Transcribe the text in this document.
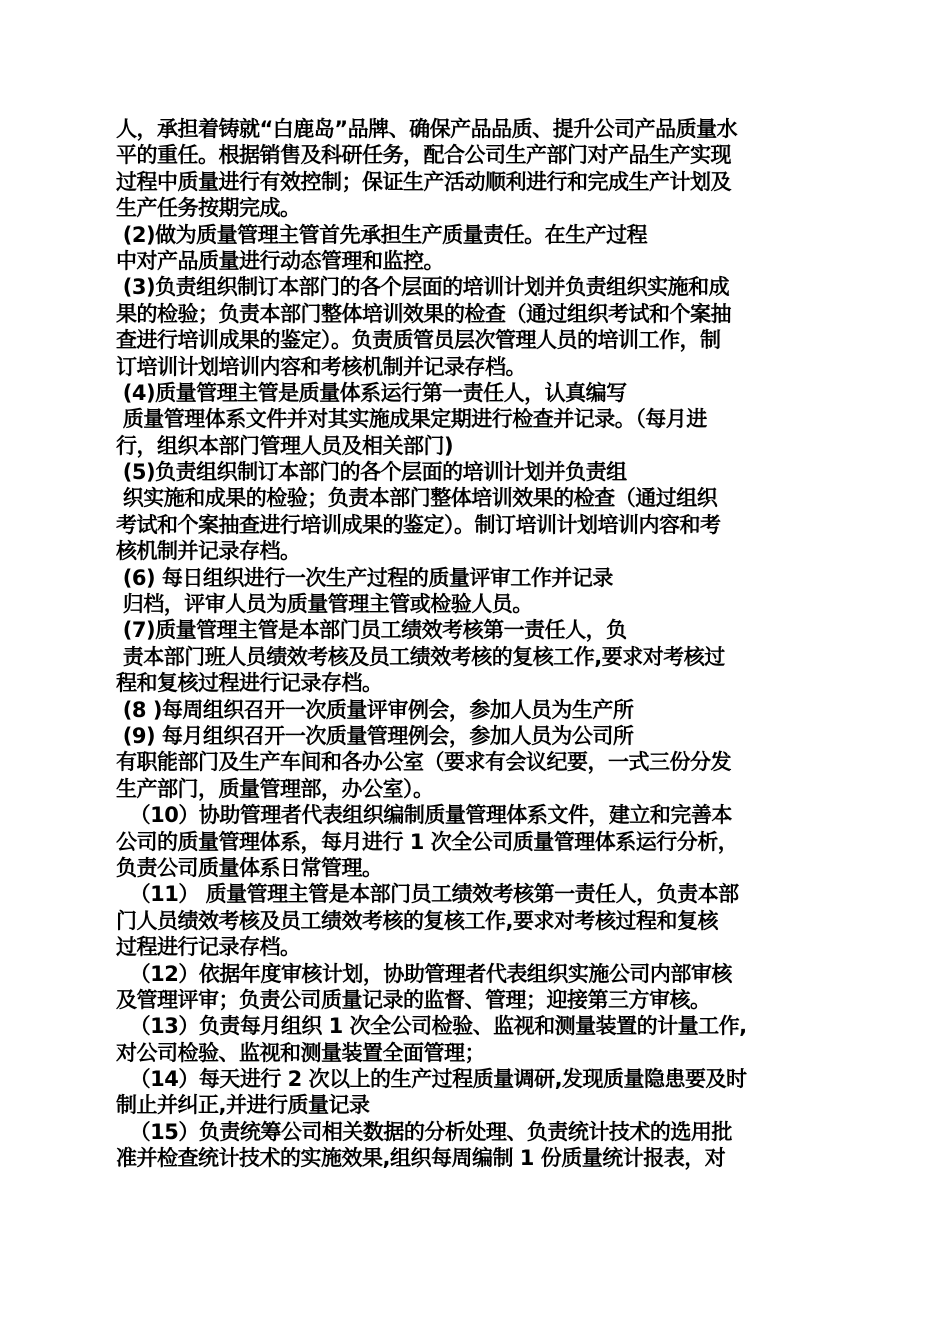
人，承担着铸就“白鹿岛”品牌、确保产品品质、提升公司产品质量水
平的重任。根据销售及科研任务，配合公司生产部门对产品生产实现
过程中质量进行有效控制；保证生产活动顺利进行和完成生产计划及
生产任务按期完成。
(2)做为质量管理主管首先承担生产质量责任。在生产过程
中对产品质量进行动态管理和监控。
(3)负责组织制订本部门的各个层面的培训计划并负责组织实施和成
果的检验；负责本部门整体培训效果的检查（通过组织考试和个案抽
查进行培训成果的鉴定）。负责质管员层次管理人员的培训工作，制
订培训计划培训内容和考核机制并记录存档。
(4)质量管理主管是质量体系运行第一责任人，认真编写
质量管理体系文件并对其实施成果定期进行检查并记录。（每月进
行，组织本部门管理人员及相关部门)
(5)负责组织制订本部门的各个层面的培训计划并负责组
织实施和成果的检验；负责本部门整体培训效果的检查（通过组织
考试和个案抽查进行培训成果的鉴定）。制订培训计划培训内容和考
核机制并记录存档。
(6) 每日组织进行一次生产过程的质量评审工作并记录
归档，评审人员为质量管理主管或检验人员。
(7)质量管理主管是本部门员工绩效考核第一责任人，负
责本部门班人员绩效考核及员工绩效考核的复核工作,要求对考核过
程和复核过程进行记录存档。
(8 )每周组织召开一次质量评审例会，参加人员为生产所
(9) 每月组织召开一次质量管理例会，参加人员为公司所
有职能部门及生产车间和各办公室（要求有会议纪要，一式三份分发
生产部门，质量管理部，办公室）。
（10）协助管理者代表组织编制质量管理体系文件，建立和完善本
公司的质量管理体系，每月进行 1 次全公司质量管理体系运行分析，
负责公司质量体系日常管理。
（11） 质量管理主管是本部门员工绩效考核第一责任人，负责本部
门人员绩效考核及员工绩效考核的复核工作,要求对考核过程和复核
过程进行记录存档。
（12）依据年度审核计划，协助管理者代表组织实施公司内部审核
及管理评审；负责公司质量记录的监督、管理；迎接第三方审核。
（13）负责每月组织 1 次全公司检验、监视和测量装置的计量工作,
对公司检验、监视和测量装置全面管理；
（14）每天进行 2 次以上的生产过程质量调研,发现质量隐患要及时
制止并纠正,并进行质量记录
（15）负责统筹公司相关数据的分析处理、负责统计技术的选用批
准并检查统计技术的实施效果,组织每周编制 1 份质量统计报表，对
